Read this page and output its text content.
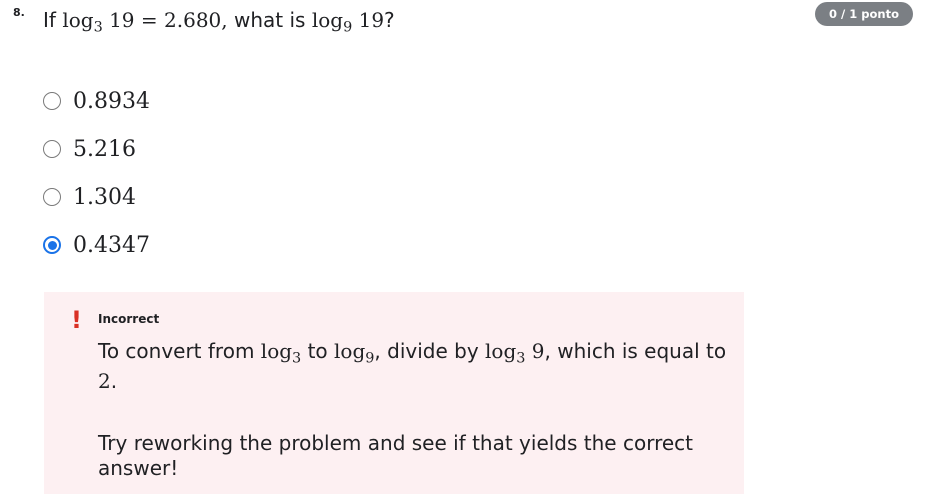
8. If $\log_3 19 = 2.680$, what is $\log_9 19$?	0 / 1 ponto
0.8934
5.216
1.304
0.4347
! Incorrect
To convert from $\log_3$ to $\log_9$, divide by $\log_3 9$, which is equal to 2.
Try reworking the problem and see if that yields the correct answer!
